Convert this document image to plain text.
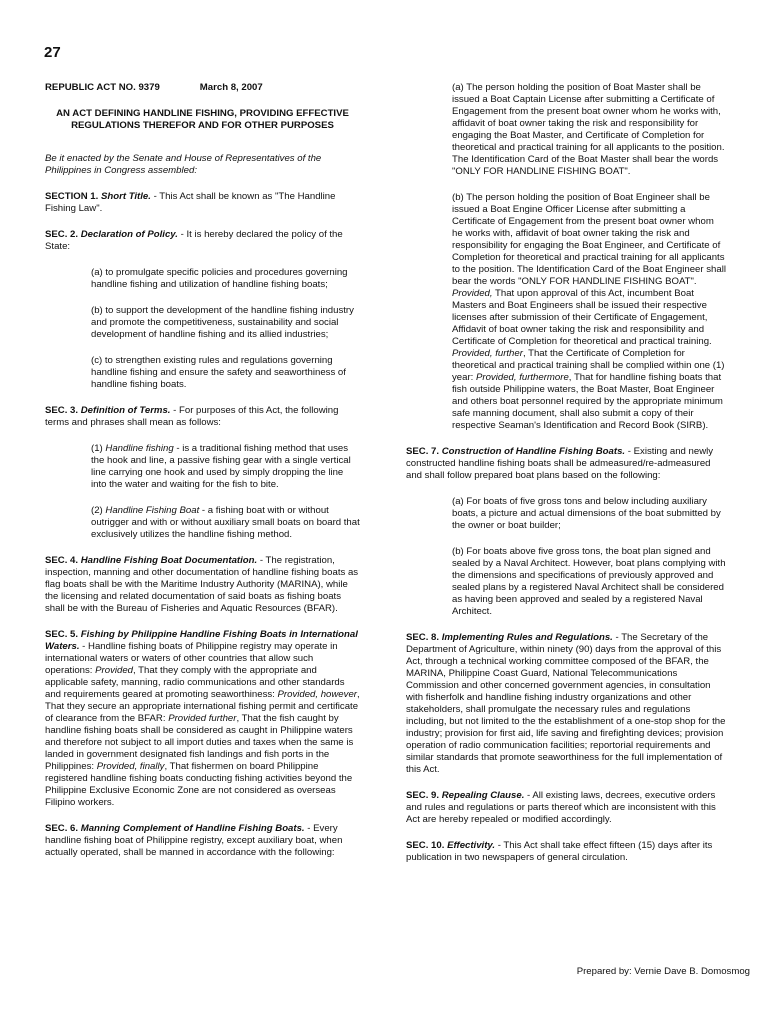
27

REPUBLIC ACT NO. 9379	March 8, 2007

AN ACT DEFINING HANDLINE FISHING, PROVIDING EFFECTIVE REGULATIONS THEREFOR AND FOR OTHER PURPOSES

Be it enacted by the Senate and House of Representatives of the Philippines in Congress assembled:

SECTION 1. Short Title. - This Act shall be known as "The Handline Fishing Law".

SEC. 2. Declaration of Policy. - It is hereby declared the policy of the State:

(a) to promulgate specific policies and procedures governing handline fishing and utilization of handline fishing boats;

(b) to support the development of the handline fishing industry and promote the competitiveness, sustainability and social development of handline fishing and its allied industries;

(c) to strengthen existing rules and regulations governing handline fishing and ensure the safety and seaworthiness of handline fishing boats.

SEC. 3. Definition of Terms. - For purposes of this Act, the following terms and phrases shall mean as follows:

(1) Handline fishing - is a traditional fishing method that uses the hook and line, a passive fishing gear with a single vertical line carrying one hook and used by simply dropping the line into the water and waiting for the fish to bite.

(2) Handline Fishing Boat - a fishing boat with or without outrigger and with or without auxiliary small boats on board that exclusively utilizes the handline fishing method.

SEC. 4. Handline Fishing Boat Documentation. - The registration, inspection, manning and other documentation of handline fishing boats as flag boats shall be with the Maritime Industry Authority (MARINA), while the licensing and related documentation of said boats as fishing boats shall be with the Bureau of Fisheries and Aquatic Resources (BFAR).

SEC. 5. Fishing by Philippine Handline Fishing Boats in International Waters. - Handline fishing boats of Philippine registry may operate in international waters or waters of other countries that allow such operations: Provided, That they comply with the appropriate and applicable safety, manning, radio communications and other standards and requirements geared at promoting seaworthiness: Provided, however, That they secure an appropriate international fishing permit and certificate of clearance from the BFAR: Provided further, That the fish caught by handline fishing boats shall be considered as caught in Philippine waters and therefore not subject to all import duties and taxes when the same is landed in government designated fish landings and fish ports in the Philippines: Provided, finally, That fishermen on board Philippine registered handline fishing boats conducting fishing activities beyond the Philippine Exclusive Economic Zone are not considered as overseas Filipino workers.

SEC. 6. Manning Complement of Handline Fishing Boats. - Every handline fishing boat of Philippine registry, except auxiliary boat, when actually operated, shall be manned in accordance with the following:

(a) The person holding the position of Boat Master shall be issued a Boat Captain License after submitting a Certificate of Engagement from the present boat owner whom he works with, affidavit of boat owner taking the risk and responsibility for engaging the Boat Master, and Certificate of Completion for theoretical and practical training for all applicants to the position. The Identification Card of the Boat Master shall bear the words "ONLY FOR HANDLINE FISHING BOAT".

(b) The person holding the position of Boat Engineer shall be issued a Boat Engine Officer License after submitting a Certificate of Engagement from the present boat owner whom he works with, affidavit of boat owner taking the risk and responsibility for engaging the Boat Engineer, and Certificate of Completion for theoretical and practical training for all applicants to the position. The Identification Card of the Boat Engineer shall bear the words "ONLY FOR HANDLINE FISHING BOAT". Provided, That upon approval of this Act, incumbent Boat Masters and Boat Engineers shall be issued their respective licenses after submission of their Certificate of Engagement, Affidavit of boat owner taking the risk and responsibility and Certificate of Completion for theoretical and practical training. Provided, further, That the Certificate of Completion for theoretical and practical training shall be complied within one (1) year: Provided, furthermore, That for handline fishing boats that fish outside Philippine waters, the Boat Master, Boat Engineer and others boat personnel required by the appropriate minimum safe manning document, shall also submit a copy of their respective Seaman's Identification and Record Book (SIRB).

SEC. 7. Construction of Handline Fishing Boats. - Existing and newly constructed handline fishing boats shall be admeasured/re-admeasured and shall follow prepared boat plans based on the following:

(a) For boats of five gross tons and below including auxiliary boats, a picture and actual dimensions of the boat submitted by the owner or boat builder;

(b) For boats above five gross tons, the boat plan signed and sealed by a Naval Architect. However, boat plans complying with the dimensions and specifications of previously approved and sealed plans by a registered Naval Architect shall be considered as having been approved and sealed by a registered Naval Architect.

SEC. 8. Implementing Rules and Regulations. - The Secretary of the Department of Agriculture, within ninety (90) days from the approval of this Act, through a technical working committee composed of the BFAR, the MARINA, Philippine Coast Guard, National Telecommunications Commission and other concerned government agencies, in consultation with fisherfolk and handline fishing industry organizations and other stakeholders, shall promulgate the necessary rules and regulations including, but not limited to the the establishment of a one-stop shop for the industry; provision for first aid, life saving and firefighting devices; provision operation of radio communication facilities; reportorial requirements and similar standards that promote seaworthiness for the full implementation of this Act.

SEC. 9. Repealing Clause. - All existing laws, decrees, executive orders and rules and regulations or parts thereof which are inconsistent with this Act are hereby repealed or modified accordingly.

SEC. 10. Effectivity. - This Act shall take effect fifteen (15) days after its publication in two newspapers of general circulation.

Prepared by: Vernie Dave B. Domosmog
